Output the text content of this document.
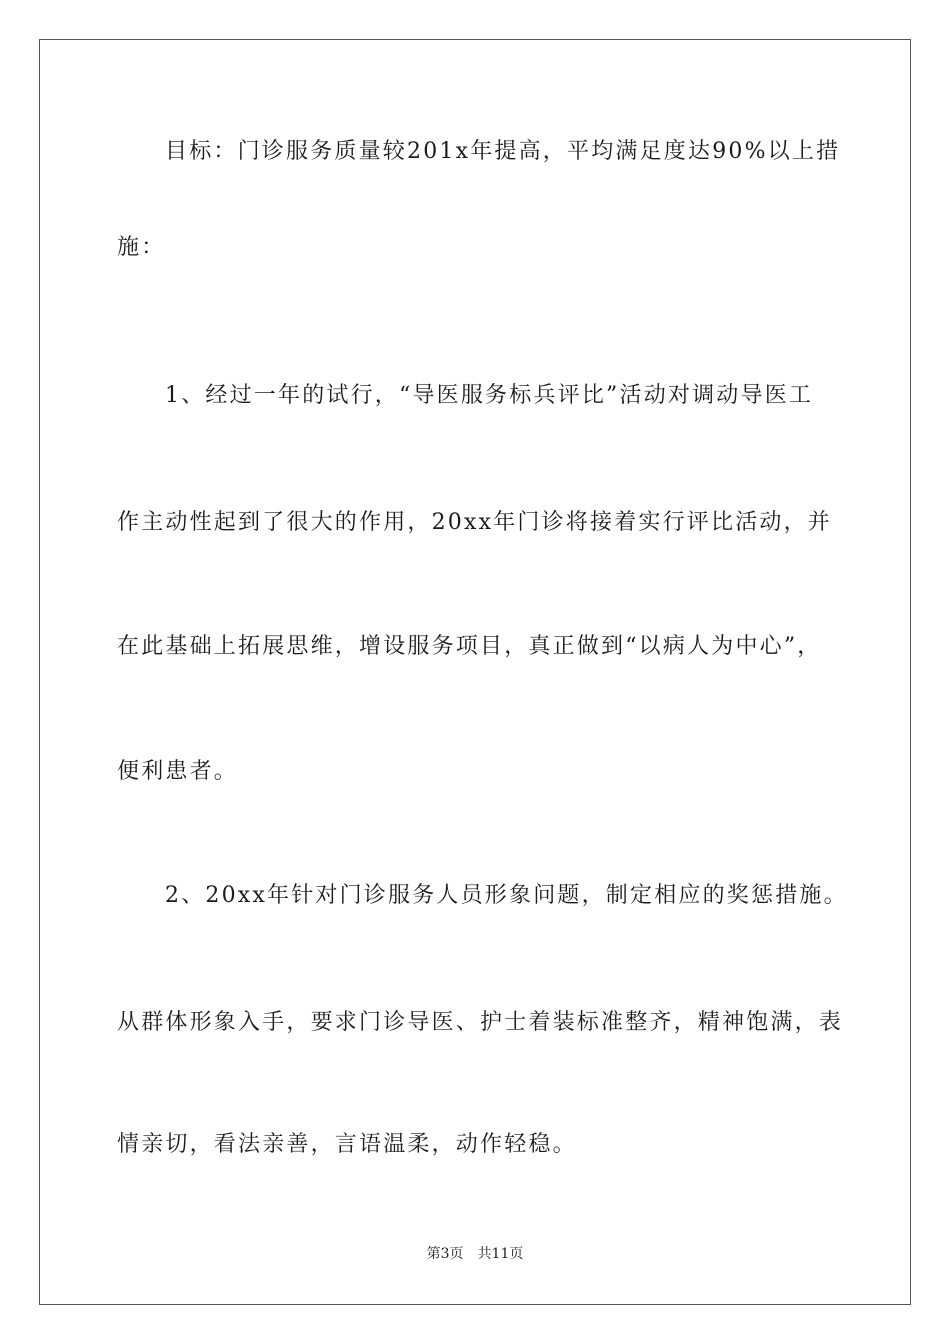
目标：门诊服务质量较201x年提高，平均满足度达90%以上措
施：
1、经过一年的试行，“导医服务标兵评比”活动对调动导医工
作主动性起到了很大的作用，20xx年门诊将接着实行评比活动，并
在此基础上拓展思维，增设服务项目，真正做到“以病人为中心”，
便利患者。
2、20xx年针对门诊服务人员形象问题，制定相应的奖惩措施。
从群体形象入手，要求门诊导医、护士着装标准整齐，精神饱满，表
情亲切，看法亲善，言语温柔，动作轻稳。
第3页　共11页
